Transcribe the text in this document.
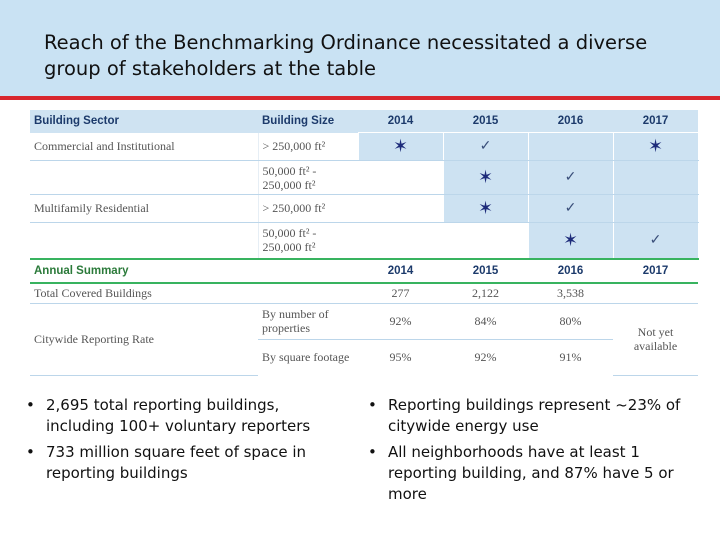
Reach of the Benchmarking Ordinance necessitated a diverse group of stakeholders at the table
Building Sector	Building Size	2014	2015	2016	2017
Commercial and Institutional	> 250,000 ft²	✶	✓		✶
	50,000 ft² - 250,000 ft²		✶	✓	
Multifamily Residential	> 250,000 ft²		✶	✓	
	50,000 ft² - 250,000 ft²			✶	✓
Annual Summary		2014	2015	2016	2017
Total Covered Buildings		277	2,122	3,538	
Citywide Reporting Rate	By number of properties	92%	84%	80%	Not yet available
	By square footage	95%	92%	91%	
• 2,695 total reporting buildings, including 100+ voluntary reporters
• 733 million square feet of space in reporting buildings
• Reporting buildings represent ~23% of citywide energy use
• All neighborhoods have at least 1 reporting building, and 87% have 5 or more
